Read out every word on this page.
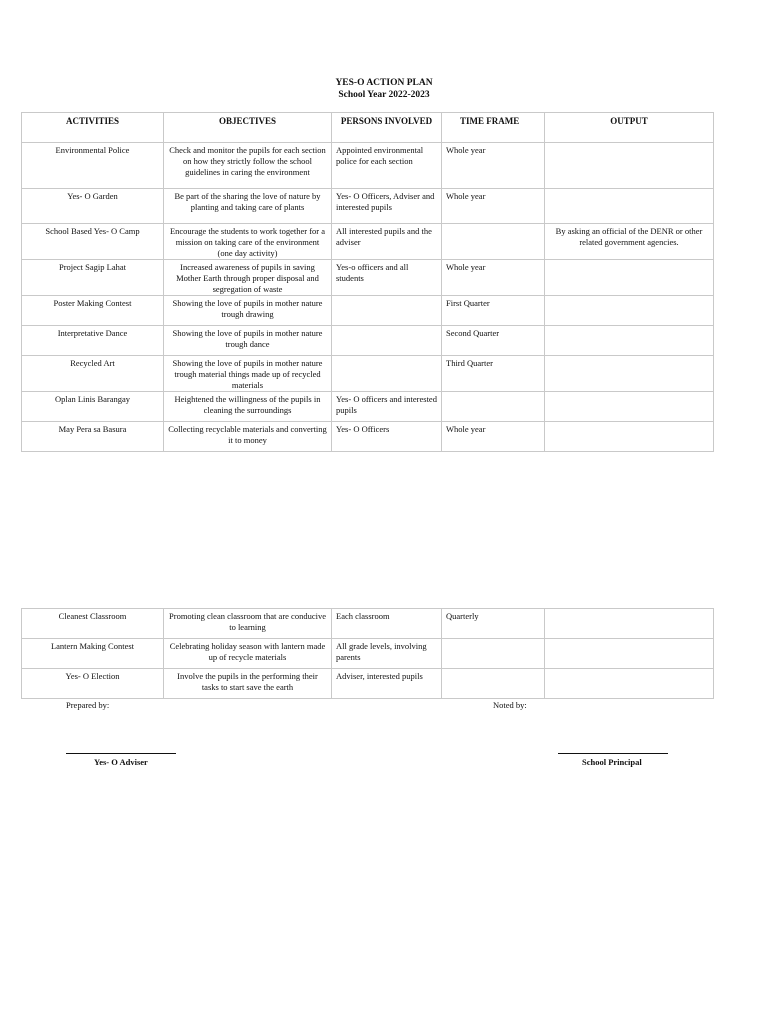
YES-O ACTION PLAN
School Year 2022-2023
ACTIVITIES	OBJECTIVES	PERSONS INVOLVED	TIME FRAME	OUTPUT
Environmental Police	Check and monitor the pupils for each section on how they strictly follow the school guidelines in caring the environment	Appointed environmental police for each section	Whole year	
Yes- O Garden	Be part of the sharing the love of nature by planting and taking care of plants	Yes- O Officers, Adviser and interested pupils	Whole year	
School Based Yes- O Camp	Encourage the students to work together for a mission on taking care of the environment (one day activity)	All interested pupils and the adviser		By asking an official of the DENR or other related government agencies.
Project Sagip Lahat	Increased awareness of pupils in saving Mother Earth through proper disposal and segregation of waste	Yes-o officers and all students	Whole year	
Poster Making Contest	Showing the love of pupils in mother nature trough drawing		First Quarter	
Interpretative Dance	Showing the love of pupils in mother nature trough dance		Second Quarter	
Recycled Art	Showing the love of pupils in mother nature trough material things made up of recycled materials		Third Quarter	
Oplan Linis Barangay	Heightened the willingness of the pupils in cleaning the surroundings	Yes- O officers and interested pupils		
May Pera sa Basura	Collecting recyclable materials and converting it to money	Yes- O Officers	Whole year	
Cleanest Classroom	Promoting clean classroom that are conducive to learning	Each classroom	Quarterly	
Lantern Making Contest	Celebrating holiday season with lantern made up of recycle materials	All grade levels, involving parents		
Yes- O Election	Involve the pupils in the performing their tasks to start save the earth	Adviser, interested pupils		
Prepared by:	Noted by:
Yes- O Adviser	School Principal
